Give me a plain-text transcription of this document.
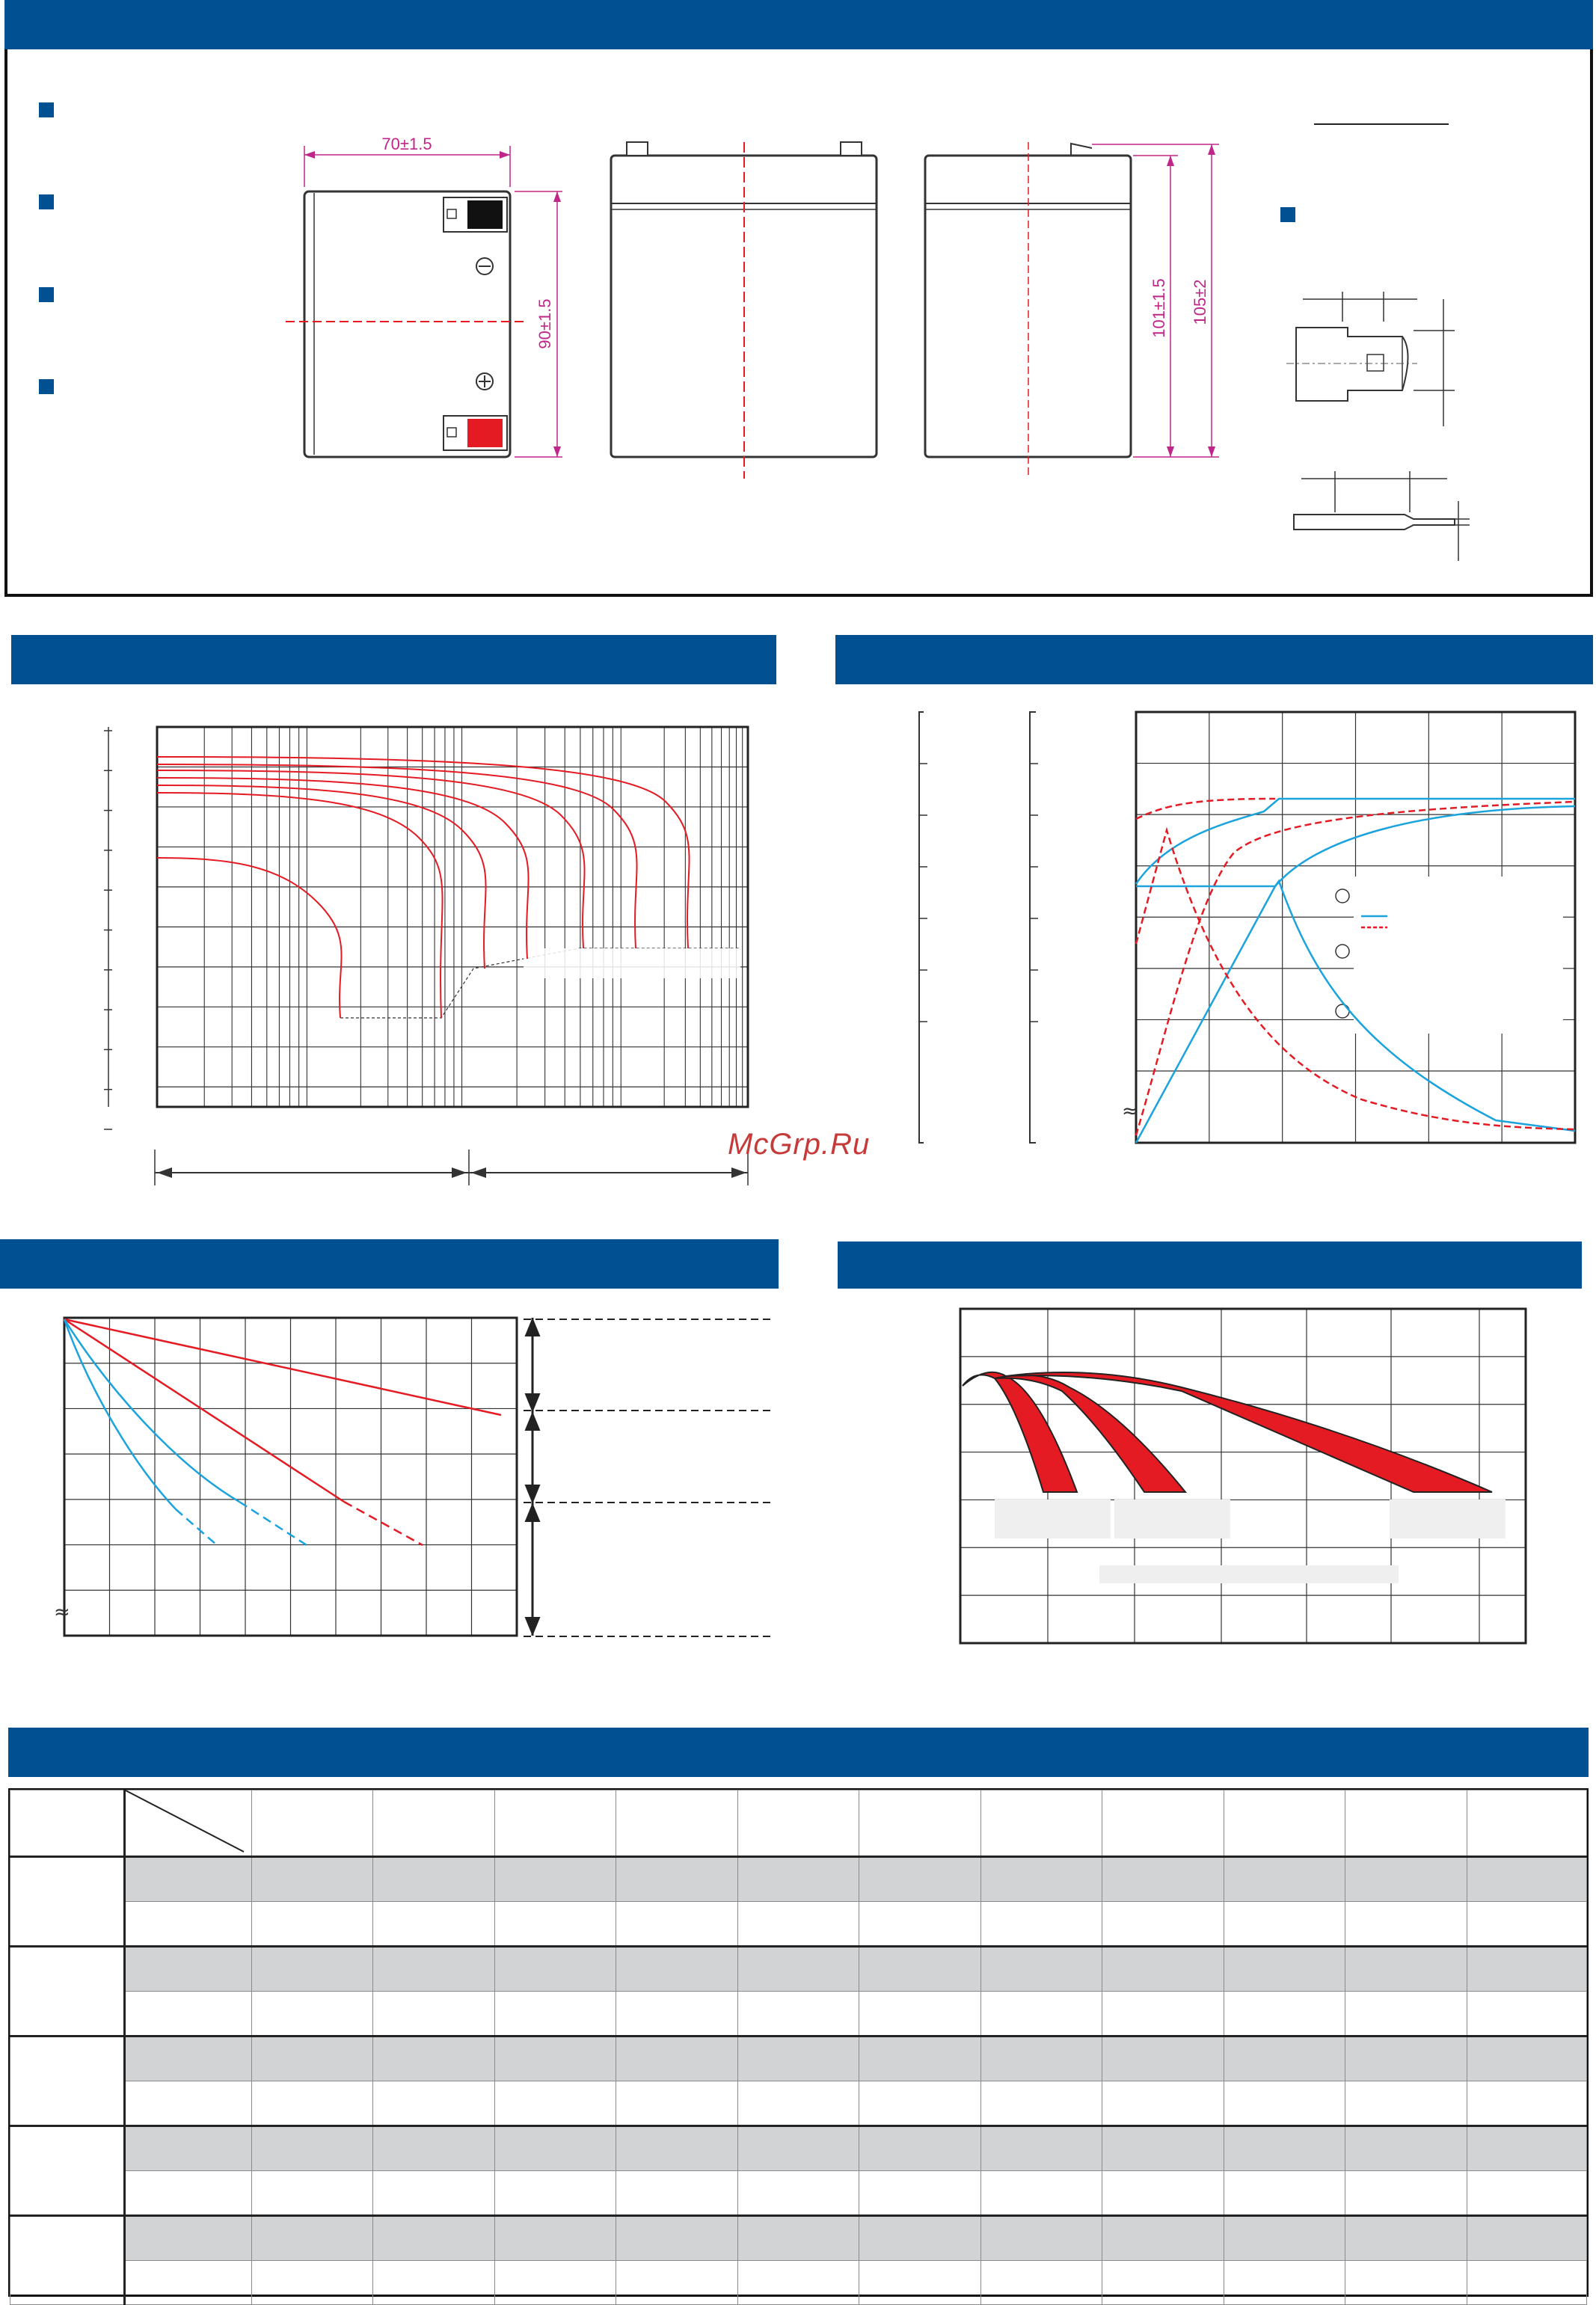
70±1.5
90±1.5	101±1.5 105±2
McGrp.Ru
≈
≈
